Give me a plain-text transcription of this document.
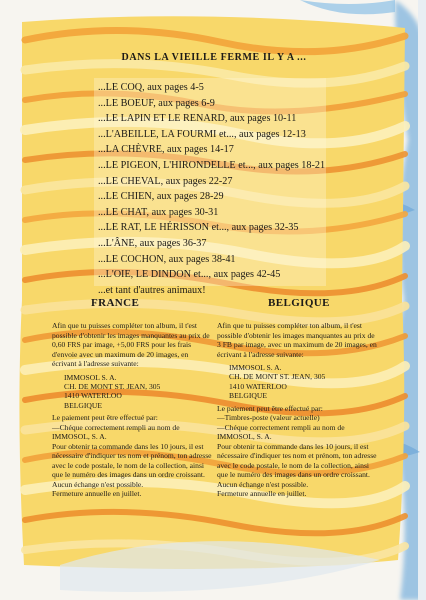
DANS LA VIEILLE FERME IL Y A ...
...LE COQ, aux pages 4-5
...LE BOEUF, aux pages 6-9
...LE LAPIN ET LE RENARD, aux pages 10-11
...L'ABEILLE, LA FOURMI et..., aux pages 12-13
...LA CHÈVRE, aux pages 14-17
...LE PIGEON, L'HIRONDELLE et..., aux pages 18-21
...LE CHEVAL, aux pages 22-27
...LE CHIEN, aux pages 28-29
...LE CHAT, aux pages 30-31
...LE RAT, LE HÉRISSON et..., aux pages 32-35
...L'ÂNE, aux pages 36-37
...LE COCHON, aux pages 38-41
...L'OIE, LE DINDON et..., aux pages 42-45
...et tant d'autres animaux!
FRANCE	BELGIQUE

Afin que tu puisses compléter ton album, il t'est possible d'obtenir les images manquantes au prix de 0,60 FRS par image, +5,00 FRS pour les frais d'envoie avec un maximum de 20 images, en écrivant à l'adresse suivante:

IMMOSOL S. A.
CH. DE MONT ST. JEAN, 305
1410 WATERLOO
BELGIQUE

Le paiement peut être effectué par:

—Chéque correctement rempli au nom de IMMOSOL, S. A.

Pour obtenir ta commande dans les 10 jours, il est nécessaire d'indiquer tes nom et prénom, ton adresse avec le code postale, le nom de la collection, ainsi que le numéro des images dans un ordre croissant. Aucun échange n'est possible.

Fermeture annuelle en juillet.

Afin que tu puisses compléter ton album, il t'est possible d'obtenir les images manquantes au prix de 3 FB par image, avec un maximum de 20 images, en écrivant à l'adresse suivante:

IMMOSOL S. A.
CH. DE MONT ST. JEAN, 305
1410 WATERLOO
BELGIQUE

Le paiement peut être effectué par:

—Timbres-poste (valeur actuelle)

—Chéque correctement rempli au nom de IMMOSOL, S. A.

Pour obtenir ta commande dans les 10 jours, il est nécessaire d'indiquer tes nom et prénom, ton adresse avec le code postale, le nom de la collection, ainsi que le numéro des images dans un ordre croissant. Aucun échange n'est possible.

Fermeture annuelle en juillet.
